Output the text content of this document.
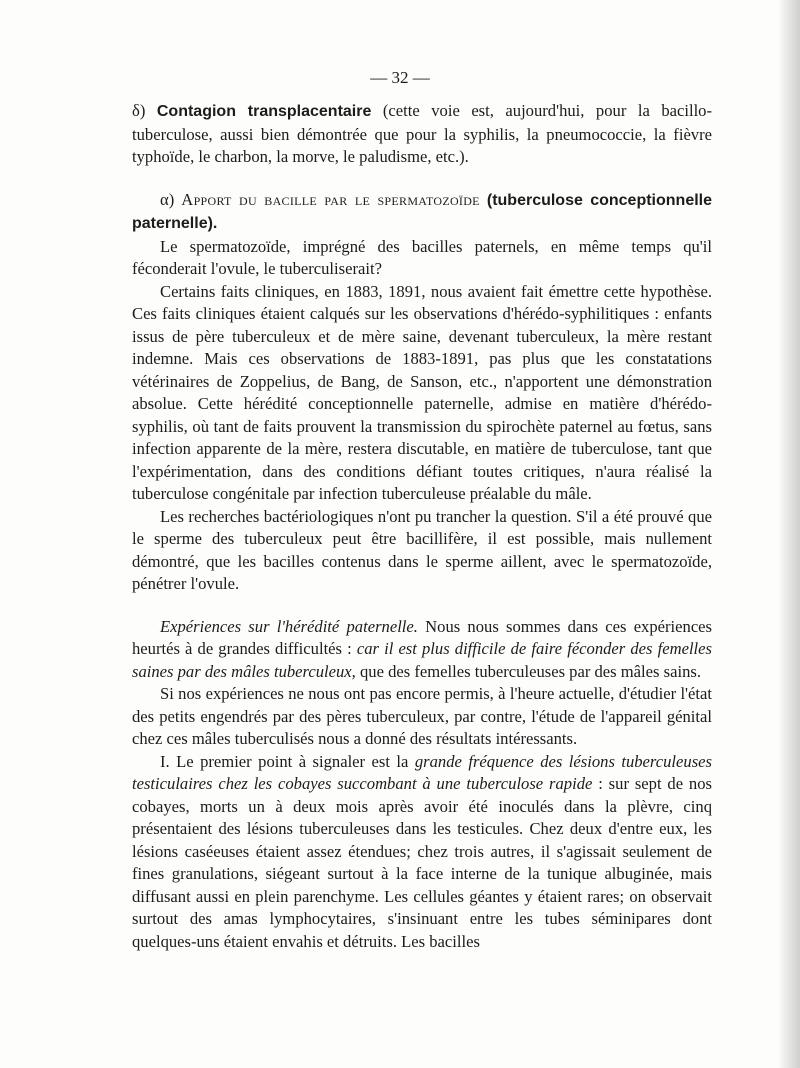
— 32 —

δ) Contagion transplacentaire (cette voie est, aujourd'hui, pour la bacillo-tuberculose, aussi bien démontrée que pour la syphilis, la pneumococcie, la fièvre typhoïde, le charbon, la morve, le paludisme, etc.).

α) Apport du bacille par le spermatozoïde (tuberculose conceptionnelle paternelle).

Le spermatozoïde, imprégné des bacilles paternels, en même temps qu'il féconderait l'ovule, le tuberculiserait?

Certains faits cliniques, en 1883, 1891, nous avaient fait émettre cette hypothèse. Ces faits cliniques étaient calqués sur les observations d'hérédo-syphilitiques : enfants issus de père tuberculeux et de mère saine, devenant tuberculeux, la mère restant indemne. Mais ces observations de 1883-1891, pas plus que les constatations vétérinaires de Zoppelius, de Bang, de Sanson, etc., n'apportent une démonstration absolue. Cette hérédité conceptionnelle paternelle, admise en matière d'hérédo-syphilis, où tant de faits prouvent la transmission du spirochète paternel au fœtus, sans infection apparente de la mère, restera discutable, en matière de tuberculose, tant que l'expérimentation, dans des conditions défiant toutes critiques, n'aura réalisé la tuberculose congénitale par infection tuberculeuse préalable du mâle.

Les recherches bactériologiques n'ont pu trancher la question. S'il a été prouvé que le sperme des tuberculeux peut être bacillifère, il est possible, mais nullement démontré, que les bacilles contenus dans le sperme aillent, avec le spermatozoïde, pénétrer l'ovule.

Expériences sur l'hérédité paternelle. Nous nous sommes dans ces expériences heurtés à de grandes difficultés : car il est plus difficile de faire féconder des femelles saines par des mâles tuberculeux, que des femelles tuberculeuses par des mâles sains.

Si nos expériences ne nous ont pas encore permis, à l'heure actuelle, d'étudier l'état des petits engendrés par des pères tuberculeux, par contre, l'étude de l'appareil génital chez ces mâles tuberculisés nous a donné des résultats intéressants.

I. Le premier point à signaler est la grande fréquence des lésions tuberculeuses testiculaires chez les cobayes succombant à une tuberculose rapide : sur sept de nos cobayes, morts un à deux mois après avoir été inoculés dans la plèvre, cinq présentaient des lésions tuberculeuses dans les testicules. Chez deux d'entre eux, les lésions caséeuses étaient assez étendues; chez trois autres, il s'agissait seulement de fines granulations, siégeant surtout à la face interne de la tunique albuginée, mais diffusant aussi en plein parenchyme. Les cellules géantes y étaient rares; on observait surtout des amas lymphocytaires, s'insinuant entre les tubes séminipares dont quelques-uns étaient envahis et détruits. Les bacilles
